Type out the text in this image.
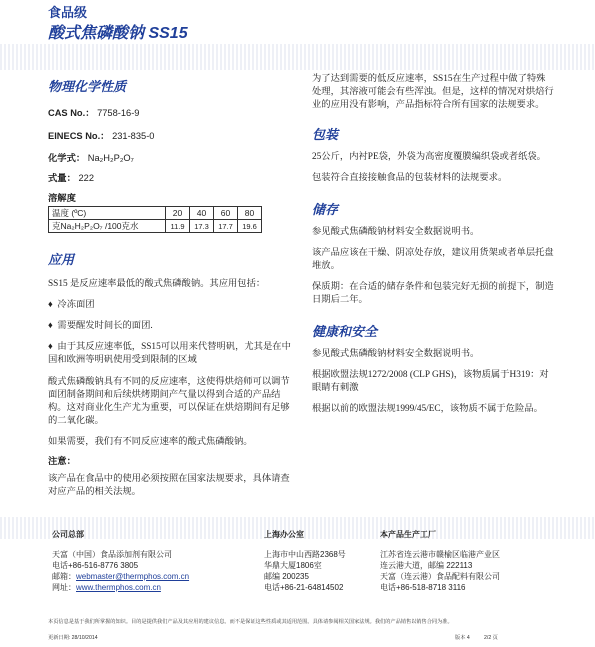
食品级
酸式焦磷酸钠 SS15
物理化学性质
CAS No.： 7758-16-9
EINECS No.： 231-835-0
化学式： Na₂H₂P₂O₇
式量： 222
溶解度
温度 (ºC)	20	40	60	80
克Na₂H₂P₂O₇ /100克水	11.9	17.3	17.7	19.6
应用
SS15 是反应速率最低的酸式焦磷酸钠。其应用包括：
♦ 冷冻面团
♦ 需要醒发时间长的面团.
♦ 由于其反应速率低，SS15可以用来代替明矾，尤其是在中国和欧洲等明矾使用受到限制的区域
酸式焦磷酸钠具有不同的反应速率，这使得烘焙师可以调节面团制备期间和后续烘烤期间产气量以得到合适的产品结构。这对商业化生产尤为重要，可以保证在烘焙期间有足够的二氧化碳。
如果需要，我们有不同反应速率的酸式焦磷酸钠。
注意：
该产品在食品中的使用必须按照在国家法规要求，具体请查对应产品的相关法规。
为了达到需要的低反应速率，SS15在生产过程中做了特殊处理，其溶液可能会有些浑浊。但是，这样的情况对烘焙行业的应用没有影响，产品指标符合所有国家的法规要求。
包装
25公斤，内衬PE袋，外袋为高密度覆膜编织袋或者纸袋。
包装符合直接接触食品的包装材料的法规要求。
储存
参见酸式焦磷酸钠材料安全数据说明书。
该产品应该在干燥、阴凉处存放，建议用货架或者单层托盘堆放。
保质期：在合适的储存条件和包装完好无损的前提下，制造日期后二年。
健康和安全
参见酸式焦磷酸钠材料安全数据说明书。
根据欧盟法规1272/2008 (CLP GHS)，该物质属于H319：对眼睛有刺激
根据以前的欧盟法规1999/45/EC，该物质不属于危险品。
公司总部
天富（中国）食品添加剂有限公司
电话+86-516-8776 3805
邮箱：webmaster@thermphos.com.cn
网址：www.thermphos.com.cn
上海办公室
上海市中山西路2368号
华鼎大厦1806室
邮编 200235
电话+86-21-64814502
本产品生产工厂
江苏省连云港市赣榆区临港产业区
连云港大道，邮编 222113
天富（连云港）食品配料有限公司
电话+86-518-8718 3116
本页信息是基于我们所掌握的知识。目的是提供我们产品及其应用的建议信息。而不是保证这些性质或其适用范围。具体请参阅相关国家法规。我们的产品销售以销售合同为准。
更新日期: 28/10/2014	版本 4	2/2 页
